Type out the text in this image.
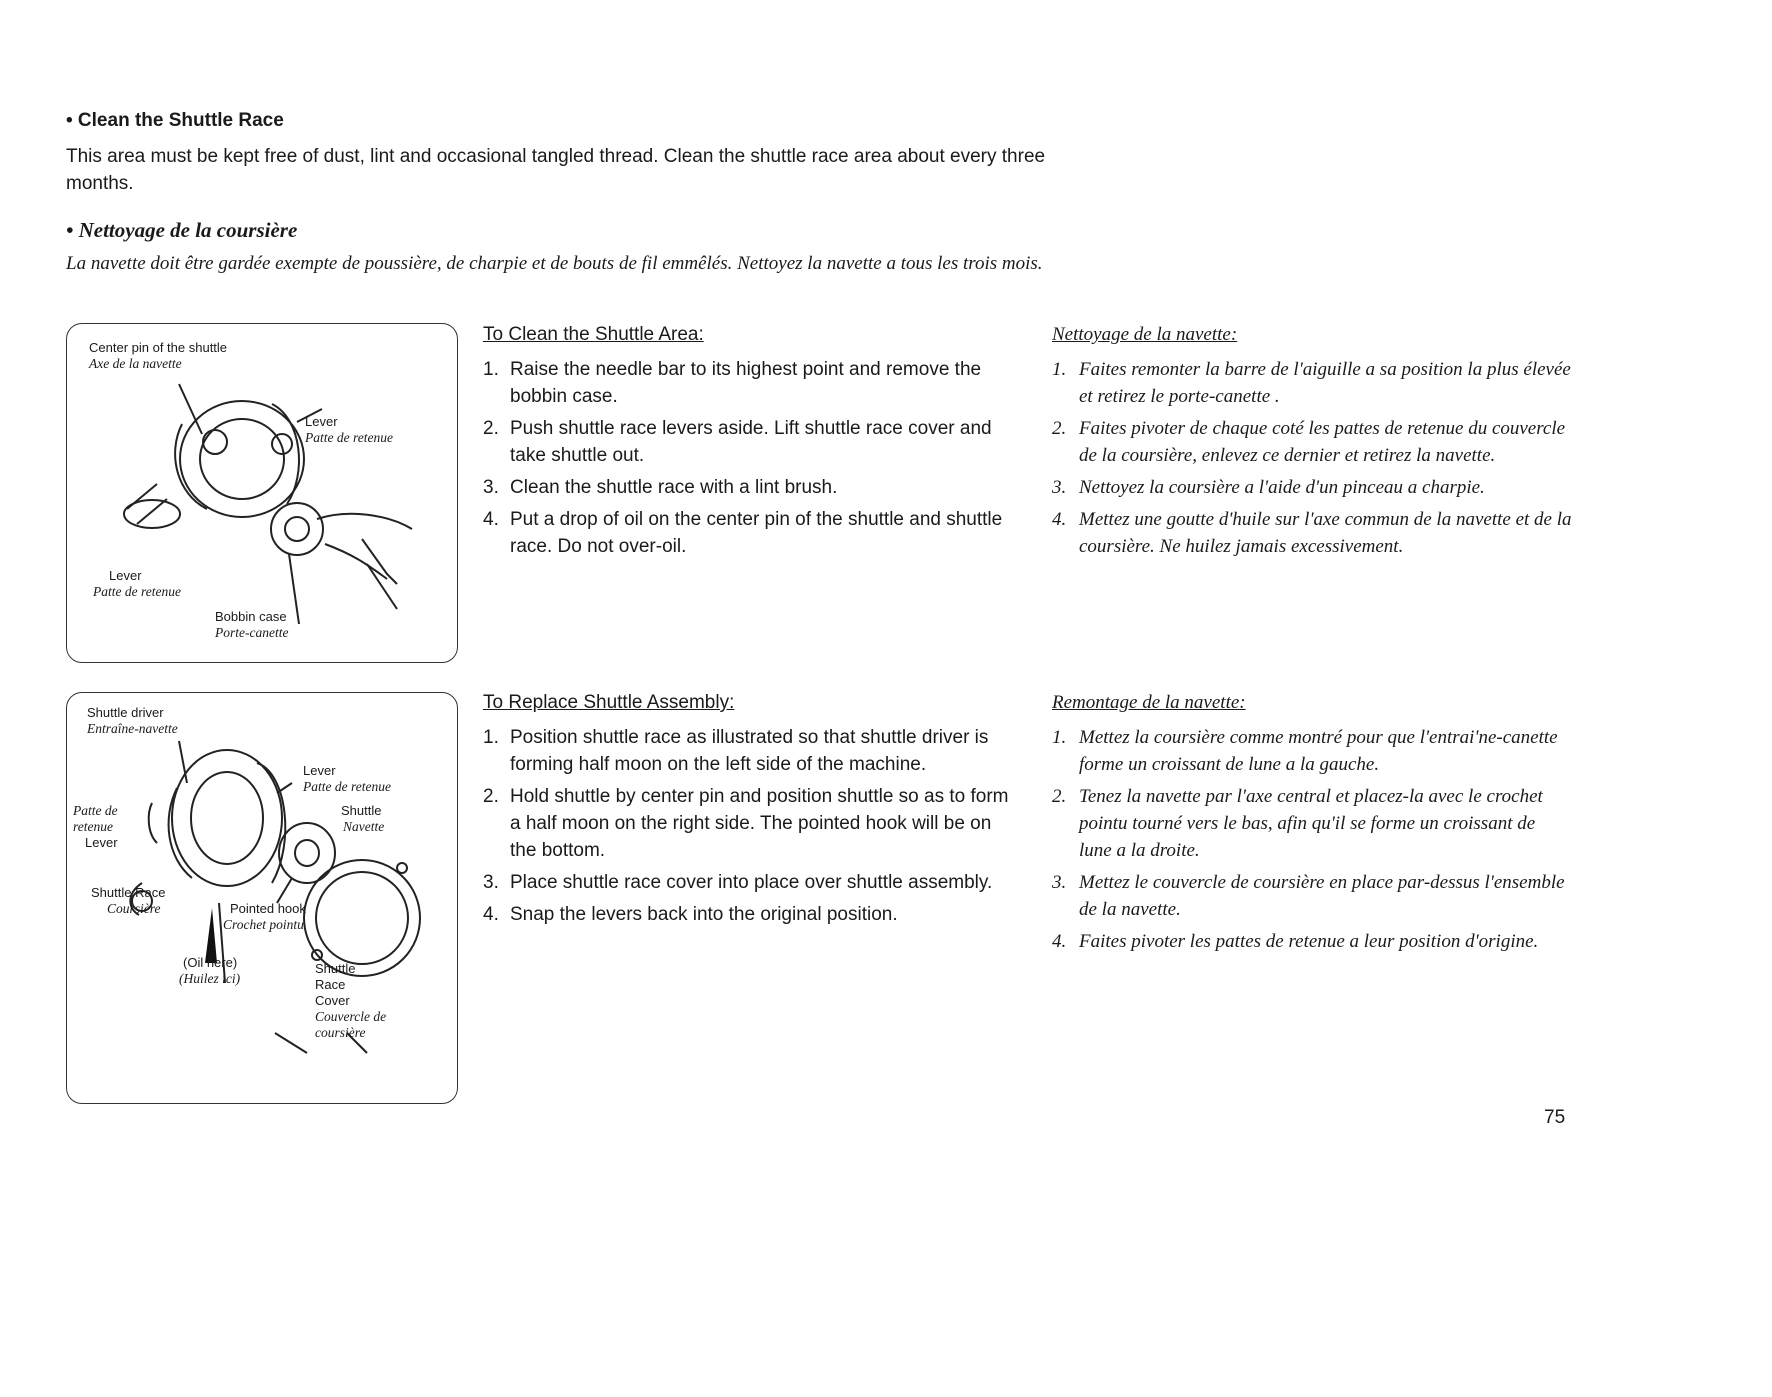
• Clean the Shuttle Race
This area must be kept free of dust, lint and occasional tangled thread. Clean the shuttle race area about every three months.
• Nettoyage de la coursière
La navette doit être gardée exempte de poussière, de charpie et de bouts de fil emmêlés. Nettoyez la navette a tous les trois mois.
Center pin of the shuttle
Axe de la navette
Lever
Patte de retenue
Lever
Patte de retenue
Bobbin case
Porte-canette
Shuttle driver
Entraîne-navette
Lever
Patte de retenue
Shuttle
Navette
Patte de
retenue
Lever
Shuttle Race
Coursière	Pointed hook
Crochet pointu
(Oil here)
(Huilez ici)
Shuttle
Race
Cover
Couvercle de
coursière
To Clean the Shuttle Area:
1. Raise the needle bar to its highest point and remove the bobbin case.
2. Push shuttle race levers aside. Lift shuttle race cover and take shuttle out.
3. Clean the shuttle race with a lint brush.
4. Put a drop of oil on the center pin of the shuttle and shuttle race. Do not over-oil.
Nettoyage de la navette:
1. Faites remonter la barre de l'aiguille a sa position la plus élevée et retirez le porte-canette .
2. Faites pivoter de chaque coté les pattes de retenue du couvercle de la coursière, enlevez ce dernier et retirez la navette.
3. Nettoyez la coursière a l'aide d'un pinceau a charpie.
4. Mettez une goutte d'huile sur l'axe commun de la navette et de la coursière. Ne huilez jamais excessivement.
To Replace Shuttle Assembly:
1. Position shuttle race as illustrated so that shuttle driver is forming half moon on the left side of the machine.
2. Hold shuttle by center pin and position shuttle so as to form a half moon on the right side. The pointed hook will be on the bottom.
3. Place shuttle race cover into place over shuttle assembly.
4. Snap the levers back into the original position.
Remontage de la navette:
1. Mettez la coursière comme montré pour que l'entrai'ne-canette forme un croissant de lune a la gauche.
2. Tenez la navette par l'axe central et placez-la avec le crochet pointu tourné vers le bas, afin qu'il se forme un croissant de lune a la droite.
3. Mettez le couvercle de coursière en place par-dessus l'ensemble de la navette.
4. Faites pivoter les pattes de retenue a leur position d'origine.
75
